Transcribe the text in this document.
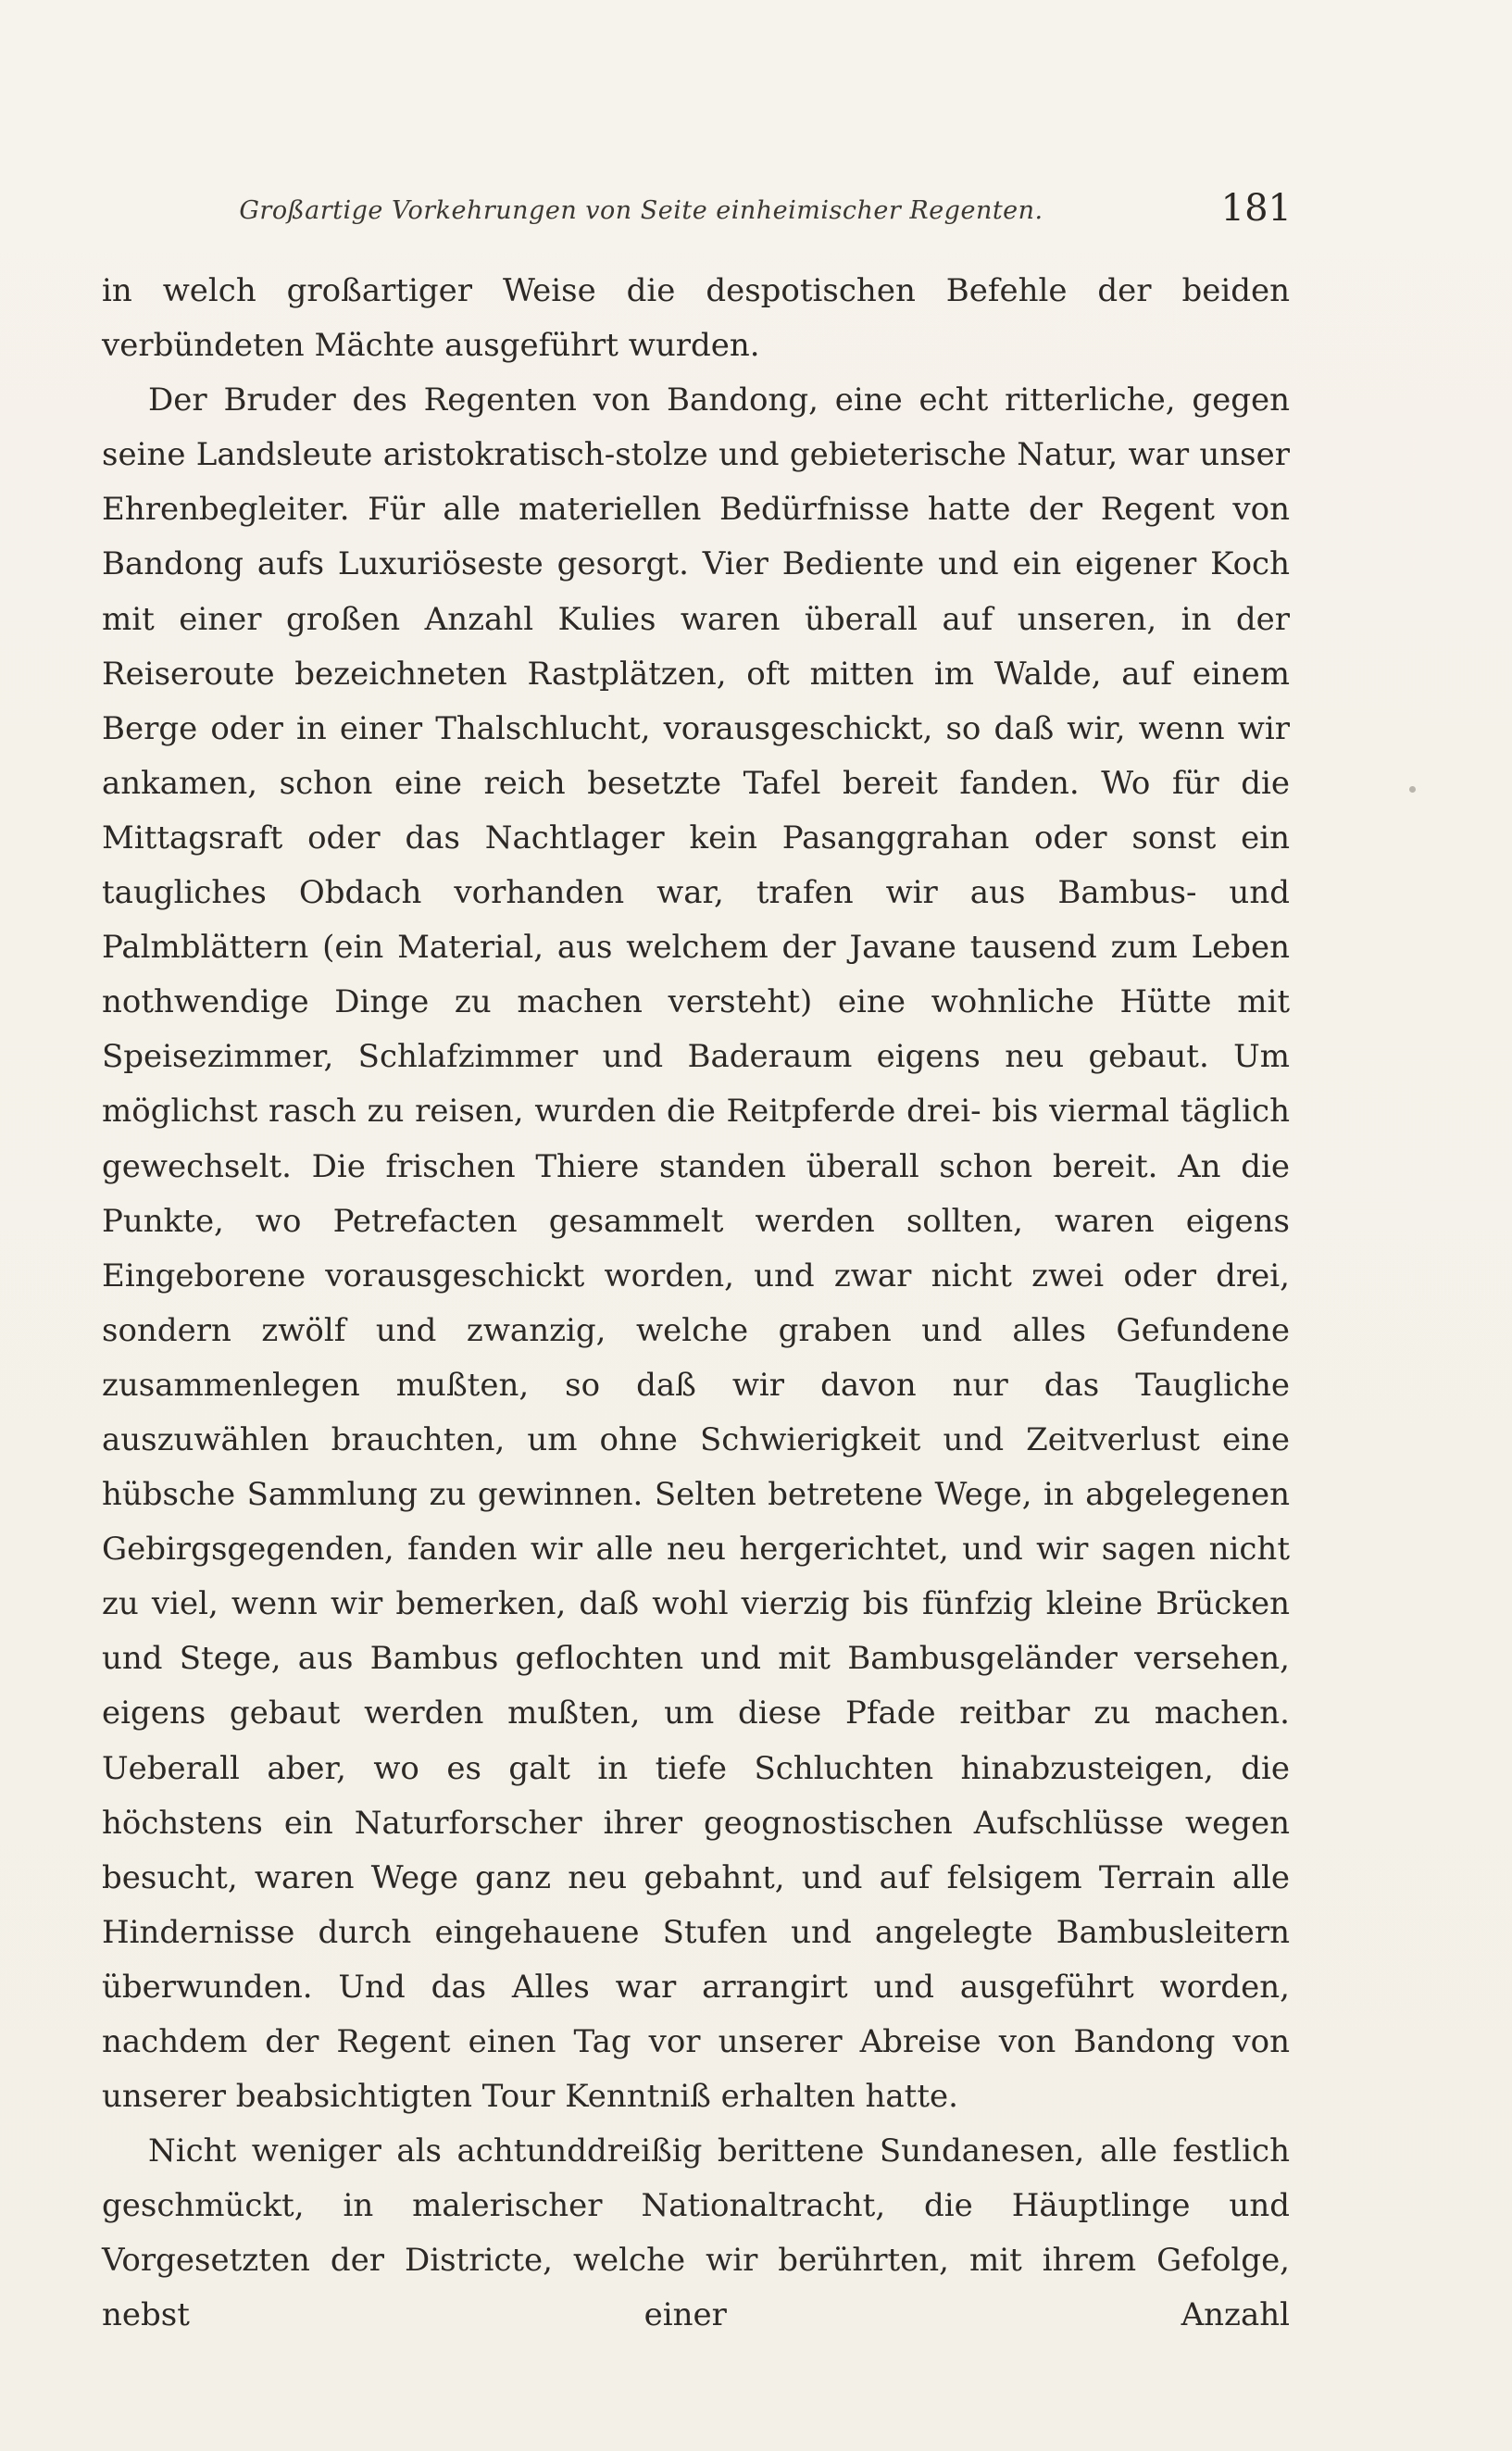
Großartige Vorkehrungen von Seite einheimischer Regenten.	181

in welch großartiger Weise die despotischen Befehle der beiden verbündeten Mächte ausgeführt wurden.

Der Bruder des Regenten von Bandong, eine echt ritterliche, gegen seine Landsleute aristokratisch-stolze und gebieterische Natur, war unser Ehrenbegleiter. Für alle materiellen Bedürfnisse hatte der Regent von Bandong aufs Luxuriöseste gesorgt. Vier Bediente und ein eigener Koch mit einer großen Anzahl Kulies waren überall auf unseren, in der Reiseroute bezeichneten Rastplätzen, oft mitten im Walde, auf einem Berge oder in einer Thalschlucht, vorausgeschickt, so daß wir, wenn wir ankamen, schon eine reich besetzte Tafel bereit fanden. Wo für die Mittagsraft oder das Nachtlager kein Pasanggrahan oder sonst ein taugliches Obdach vorhanden war, trafen wir aus Bambus- und Palmblättern (ein Material, aus welchem der Javane tausend zum Leben nothwendige Dinge zu machen versteht) eine wohnliche Hütte mit Speisezimmer, Schlafzimmer und Baderaum eigens neu gebaut. Um möglichst rasch zu reisen, wurden die Reitpferde drei- bis viermal täglich gewechselt. Die frischen Thiere standen überall schon bereit. An die Punkte, wo Petrefacten gesammelt werden sollten, waren eigens Eingeborene vorausgeschickt worden, und zwar nicht zwei oder drei, sondern zwölf und zwanzig, welche graben und alles Gefundene zusammenlegen mußten, so daß wir davon nur das Taugliche auszuwählen brauchten, um ohne Schwierigkeit und Zeitverlust eine hübsche Sammlung zu gewinnen. Selten betretene Wege, in abgelegenen Gebirgsgegenden, fanden wir alle neu hergerichtet, und wir sagen nicht zu viel, wenn wir bemerken, daß wohl vierzig bis fünfzig kleine Brücken und Stege, aus Bambus geflochten und mit Bambusgeländer versehen, eigens gebaut werden mußten, um diese Pfade reitbar zu machen. Ueberall aber, wo es galt in tiefe Schluchten hinabzusteigen, die höchstens ein Naturforscher ihrer geognostischen Aufschlüsse wegen besucht, waren Wege ganz neu gebahnt, und auf felsigem Terrain alle Hindernisse durch eingehauene Stufen und angelegte Bambusleitern überwunden. Und das Alles war arrangirt und ausgeführt worden, nachdem der Regent einen Tag vor unserer Abreise von Bandong von unserer beabsichtigten Tour Kenntniß erhalten hatte.

Nicht weniger als achtunddreißig berittene Sundanesen, alle festlich geschmückt, in malerischer Nationaltracht, die Häuptlinge und Vorgesetzten der Districte, welche wir berührten, mit ihrem Gefolge, nebst einer Anzahl
